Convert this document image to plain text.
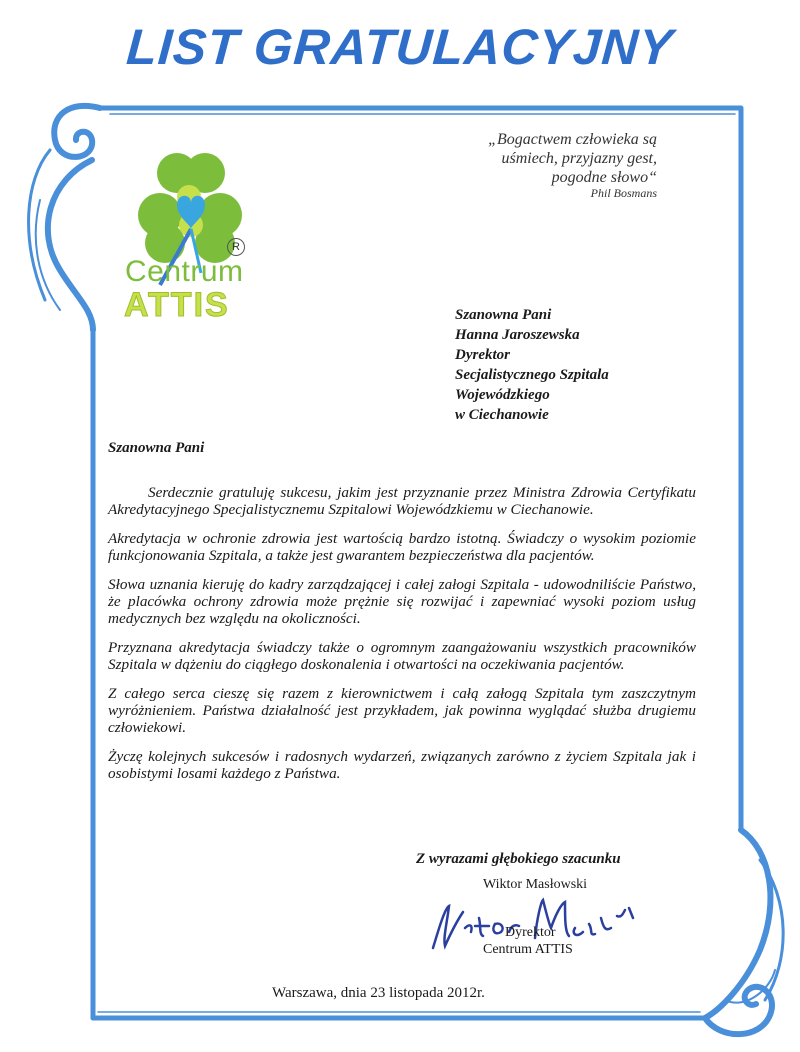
LIST GRATULACYJNY
Centrum
ATTIS
R
„Bogactwem człowieka są
uśmiech, przyjazny gest,
pogodne słowo“
Phil Bosmans
Szanowna Pani
Hanna Jaroszewska
Dyrektor
Secjalistycznego Szpitala
Wojewódzkiego
w Ciechanowie
Szanowna Pani

Serdecznie gratuluję sukcesu, jakim jest przyznanie przez Ministra Zdrowia Certyfikatu Akredytacyjnego Specjalistycznemu Szpitalowi Wojewódzkiemu w Ciechanowie.

Akredytacja w ochronie zdrowia jest wartością bardzo istotną. Świadczy o wysokim poziomie funkcjonowania Szpitala, a także jest gwarantem bezpieczeństwa dla pacjentów.

Słowa uznania kieruję do kadry zarządzającej i całej załogi Szpitala - udowodniliście Państwo, że placówka ochrony zdrowia może prężnie się rozwijać i zapewniać wysoki poziom usług medycznych bez względu na okoliczności.

Przyznana akredytacja świadczy także o ogromnym zaangażowaniu wszystkich pracowników Szpitala w dążeniu do ciągłego doskonalenia i otwartości na oczekiwania pacjentów.

Z całego serca cieszę się razem z kierownictwem i całą załogą Szpitala tym zaszczytnym wyróżnieniem. Państwa działalność jest przykładem, jak powinna wyglądać służba drugiemu człowiekowi.

Życzę kolejnych sukcesów i radosnych wydarzeń, związanych zarówno z życiem Szpitala jak i osobistymi losami każdego z Państwa.

Z wyrazami głębokiego szacunku
Wiktor Masłowski
Dyrektor
Centrum ATTIS
Warszawa, dnia 23 listopada 2012r.
